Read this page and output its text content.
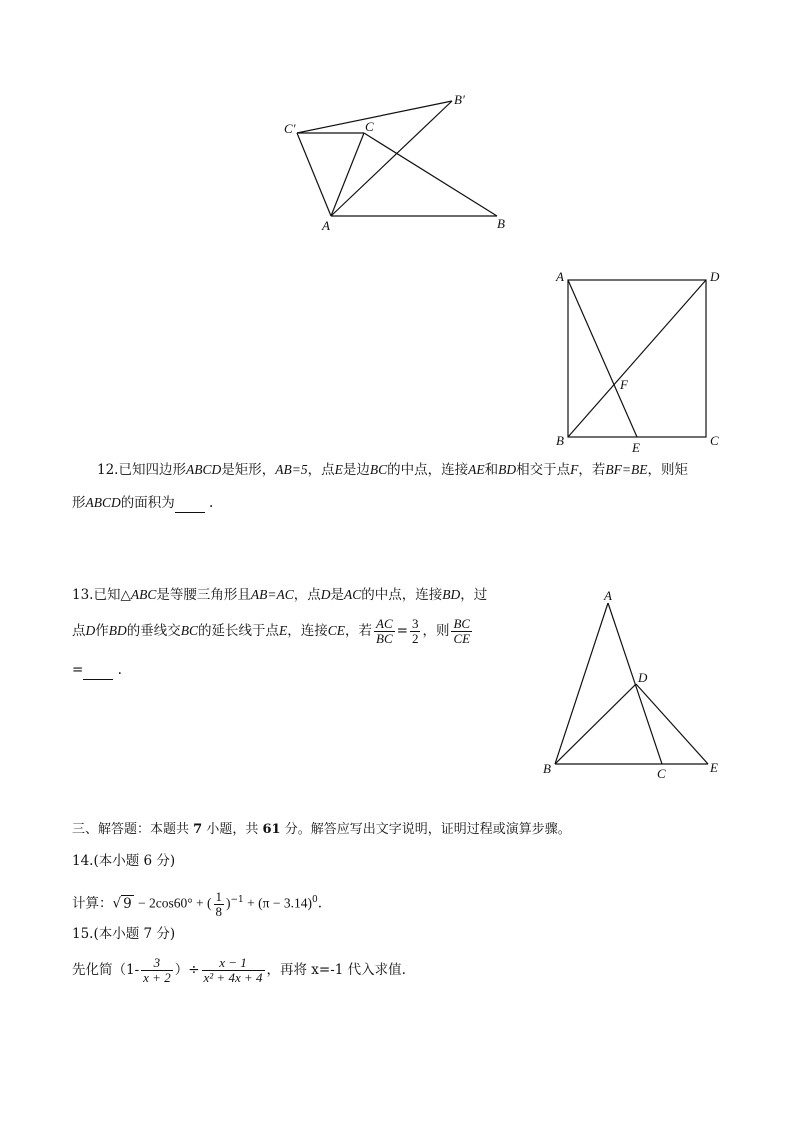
C′	C
B′
A	B
A	D
F
B	E	C
12.已知四边形ABCD是矩形，AB=5，点E是边BC的中点，连接AE和BD相交于点F，若BF=BE，则矩
形ABCD的面积为	.
A
D
B	C	E
13.已知△ABC是等腰三角形且AB=AC，点D是AC的中点，连接BD，过
点D作BD的垂线交BC的延长线于点E，连接CE，若 $\frac{AC}{BC} = \frac{3}{2}$ ，则 $\frac{BC}{CE}$
=	.
三、解答题：本题共 7 小题，共 61 分。解答应写出文字说明，证明过程或演算步骤。
14.(本小题 6 分)
计算：√ 9 − 2cos60° + ( $\frac{1}{8} )^{-1} + (\pi - 3.14)^0$.
15.(本小题 7 分)
先化简（$1- \frac{3}{x + 2}$ ）÷ $\frac{x - 1}{\text{x² + 4x + 4}}$ ，再将 x=-1 代入求值.
